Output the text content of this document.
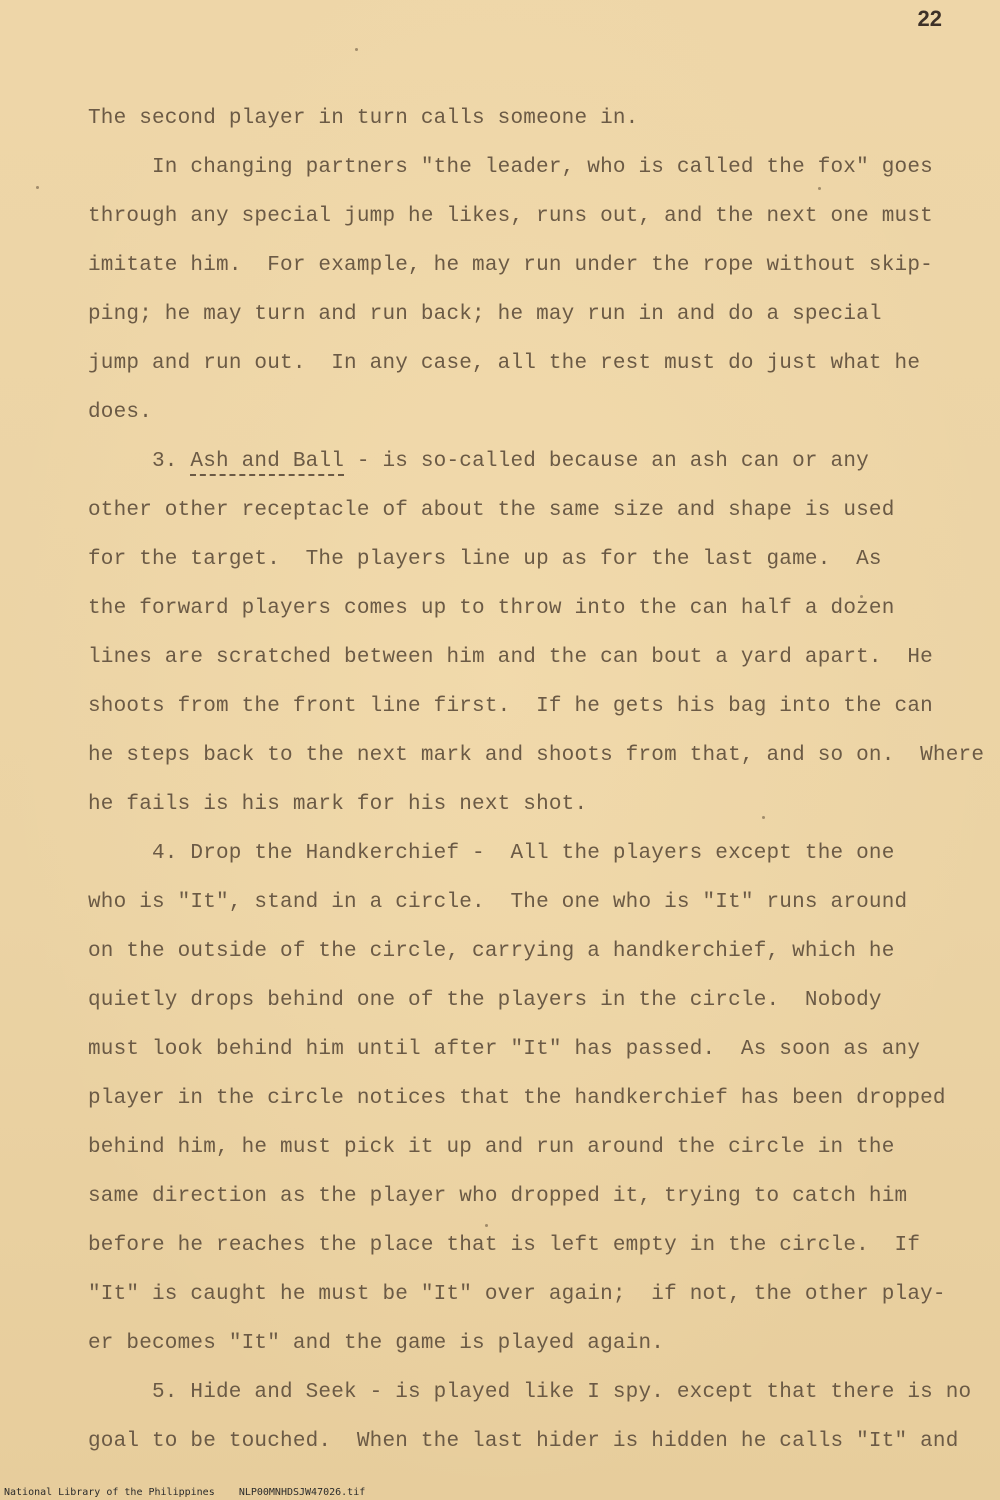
22
The second player in turn calls someone in.
In changing partners "the leader, who is called the fox" goes
through any special jump he likes, runs out, and the next one must
imitate him.  For example, he may run under the rope without skip-
ping; he may turn and run back; he may run in and do a special
jump and run out.  In any case, all the rest must do just what he
does.
3. Ash and Ball - is so-called because an ash can or any
other other receptacle of about the same size and shape is used
for the target.  The players line up as for the last game.  As
the forward players comes up to throw into the can half a dozen
lines are scratched between him and the can bout a yard apart.  He
shoots from the front line first.  If he gets his bag into the can
he steps back to the next mark and shoots from that, and so on.  Where
he fails is his mark for his next shot.
4. Drop the Handkerchief -  All the players except the one
who is "It", stand in a circle.  The one who is "It" runs around
on the outside of the circle, carrying a handkerchief, which he
quietly drops behind one of the players in the circle.  Nobody
must look behind him until after "It" has passed.  As soon as any
player in the circle notices that the handkerchief has been dropped
behind him, he must pick it up and run around the circle in the
same direction as the player who dropped it, trying to catch him
before he reaches the place that is left empty in the circle.  If
"It" is caught he must be "It" over again;  if not, the other play-
er becomes "It" and the game is played again.
5. Hide and Seek - is played like I spy. except that there is no
goal to be touched.  When the last hider is hidden he calls "It" and
National Library of the Philippines NLP00MNHDSJW47026.tif
